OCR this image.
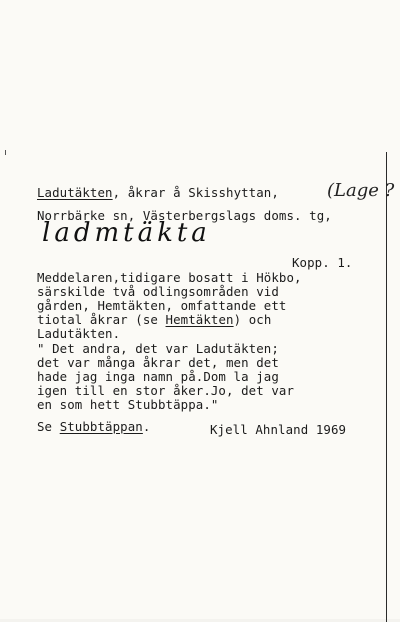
Ladutäkten, åkrar å Skisshyttan, (Lage ?
Norrbärke sn, Västerbergslags doms. tg,
ladmtäkta
Kopp. 1.
Meddelaren,tidigare bosatt i Hökbo,
särskilde två odlingsområden vid
gården, Hemtäkten, omfattande ett
tiotal åkrar (se Hemtäkten) och
Ladutäkten.
" Det andra, det var Ladutäkten;
det var många åkrar det, men det
hade jag inga namn på.Dom la jag
igen till en stor åker.Jo, det var
en som hett Stubbtäppa."
Se Stubbtäppan.	Kjell Ahnland 1969
